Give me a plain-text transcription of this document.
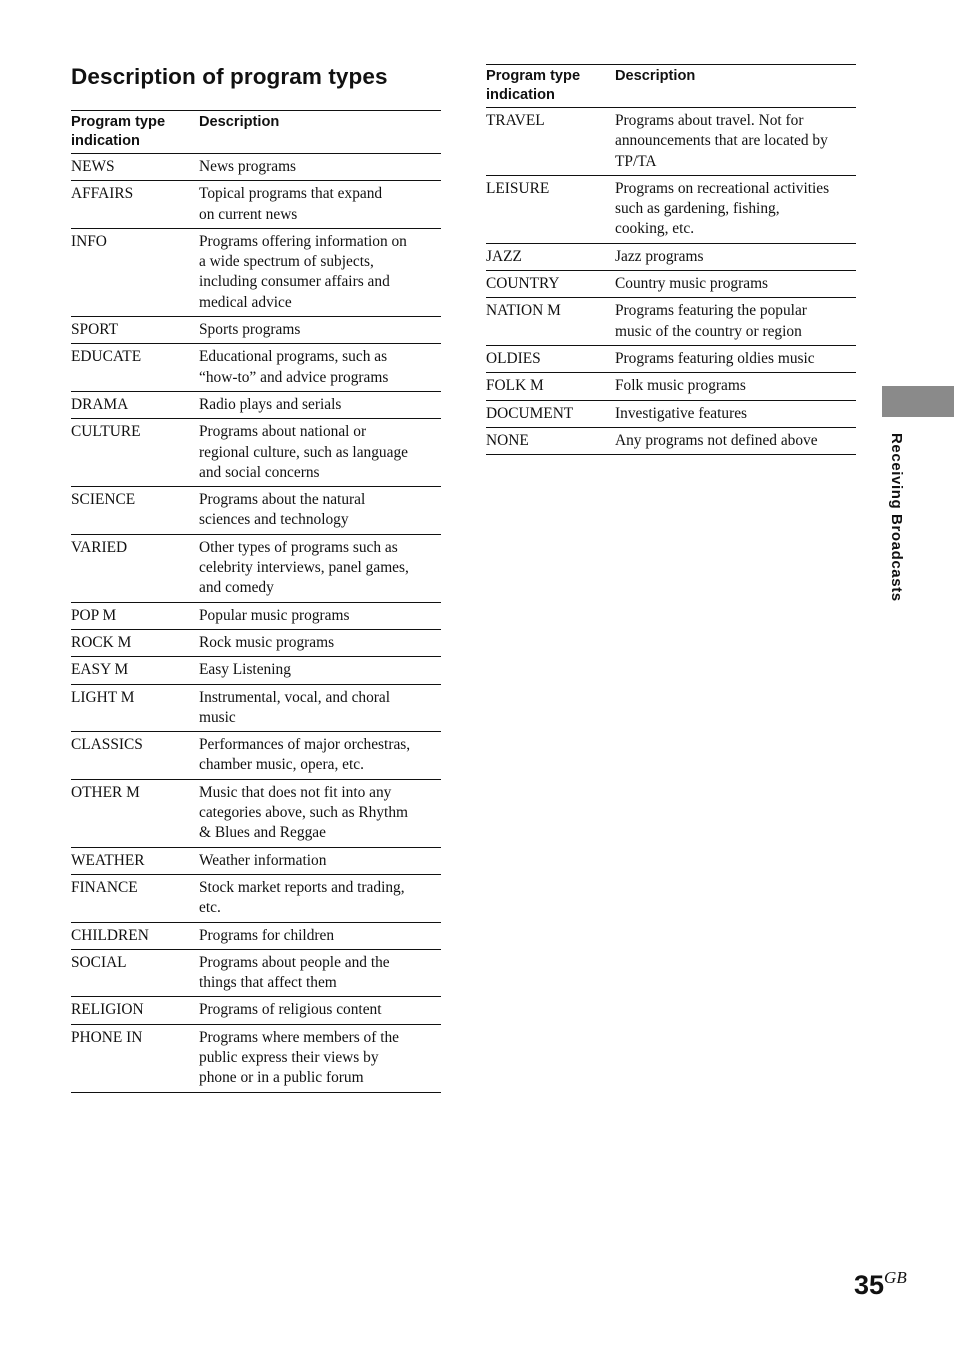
Description of program types
Program type
indication	Description
NEWS	News programs

AFFAIRS	Topical programs that expand
on current news

INFO	Programs offering information on
a wide spectrum of subjects,
including consumer affairs and
medical advice

SPORT	Sports programs

EDUCATE	Educational programs, such as
“how-to” and advice programs

DRAMA	Radio plays and serials

CULTURE	Programs about national or
regional culture, such as language
and social concerns

SCIENCE	Programs about the natural
sciences and technology

VARIED	Other types of programs such as
celebrity interviews, panel games,
and comedy

POP M	Popular music programs

ROCK M	Rock music programs

EASY M	Easy Listening

LIGHT M	Instrumental, vocal, and choral
music

CLASSICS	Performances of major orchestras,
chamber music, opera, etc.

OTHER M	Music that does not fit into any
categories above, such as Rhythm
& Blues and Reggae

WEATHER	Weather information

FINANCE	Stock market reports and trading,
etc.

CHILDREN	Programs for children

SOCIAL	Programs about people and the
things that affect them

RELIGION	Programs of religious content

PHONE IN	Programs where members of the
public express their views by
phone or in a public forum
Program type
indication	Description
TRAVEL	Programs about travel. Not for
announcements that are located by
TP/TA

LEISURE	Programs on recreational activities
such as gardening, fishing,
cooking, etc.

JAZZ	Jazz programs

COUNTRY	Country music programs

NATION M	Programs featuring the popular
music of the country or region

OLDIES	Programs featuring oldies music

FOLK M	Folk music programs

DOCUMENT	Investigative features

NONE	Any programs not defined above	Receiving Broadcasts
$35^{GB}$
